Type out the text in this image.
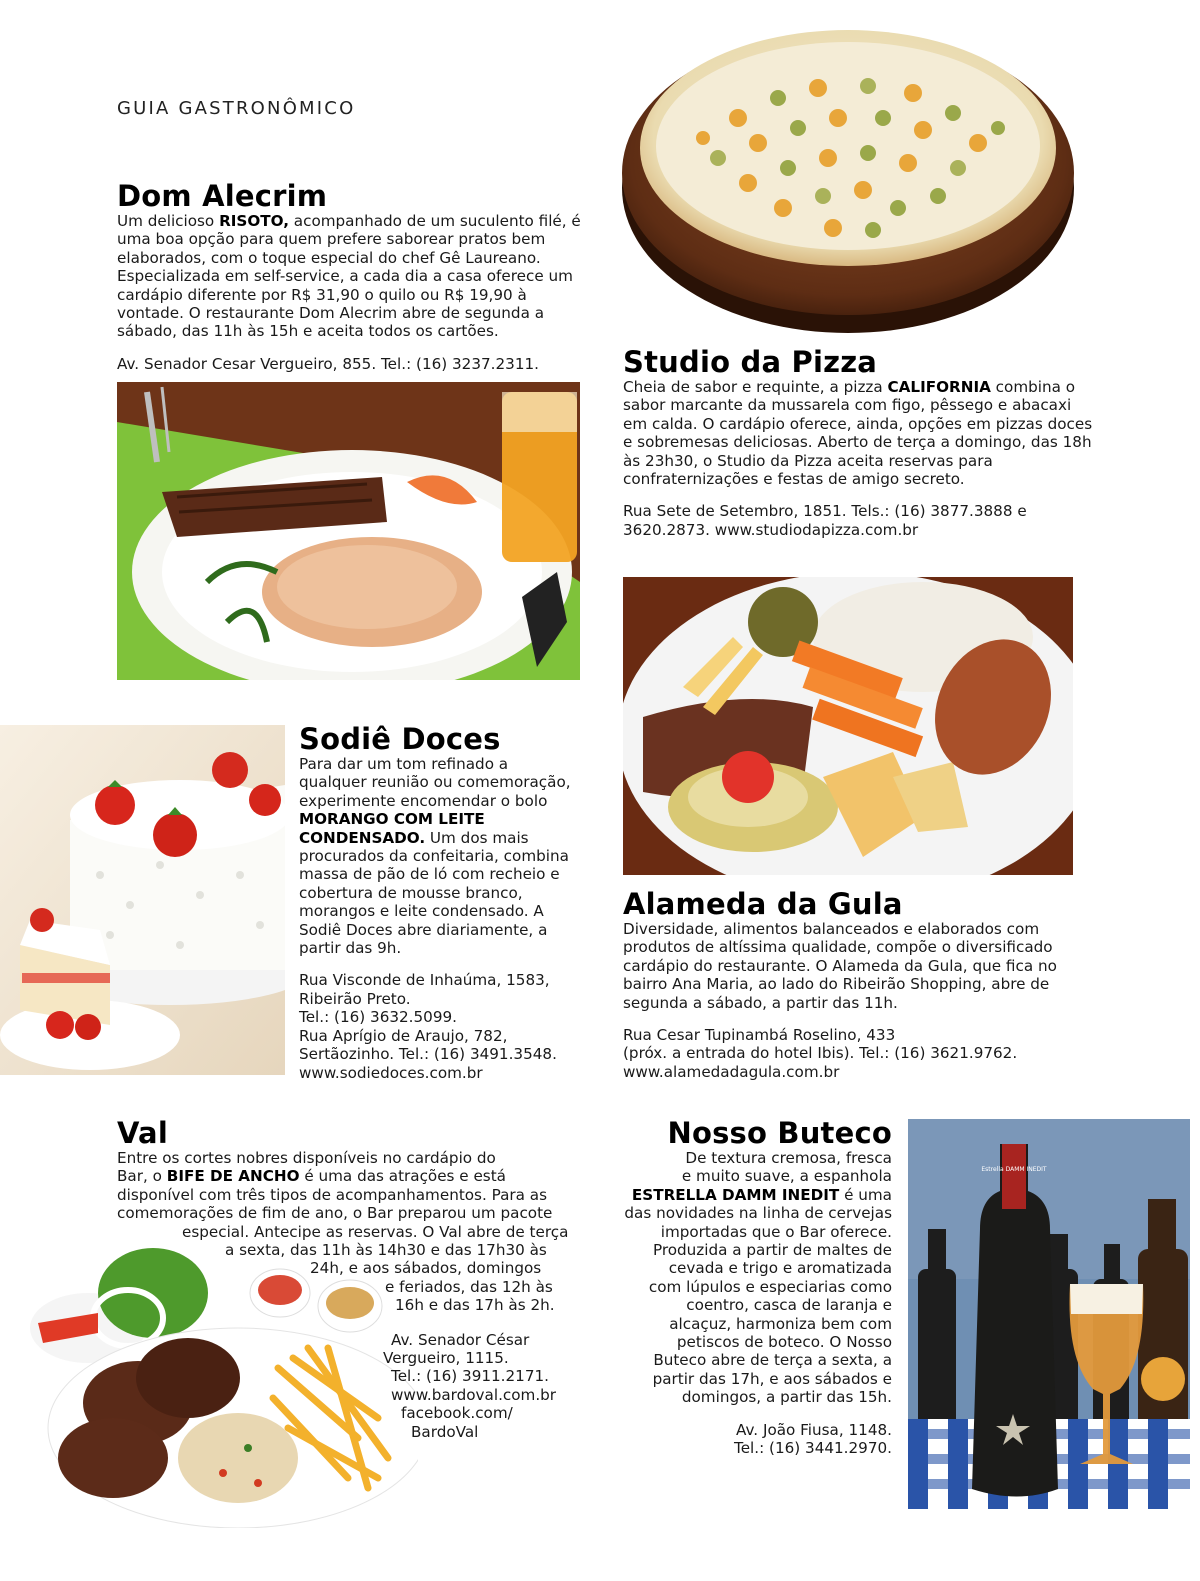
GUIA GASTRONÔMICO
Dom Alecrim
Um delicioso RISOTO, acompanhado de um suculento filé, é uma boa opção para quem prefere saborear pratos bem elaborados, com o toque especial do chef Gê Laureano. Especializada em self-service, a cada dia a casa oferece um cardápio diferente por R$ 31,90 o quilo ou R$ 19,90 à vontade. O restaurante Dom Alecrim abre de segunda a sábado, das 11h às 15h e aceita todos os cartões.
Av. Senador Cesar Vergueiro, 855. Tel.: (16) 3237.2311.	Studio da Pizza
Cheia de sabor e requinte, a pizza CALIFORNIA combina o sabor marcante da mussarela com figo, pêssego e abacaxi em calda. O cardápio oferece, ainda, opções em pizzas doces e sobremesas deliciosas. Aberto de terça a domingo, das 18h às 23h30, o Studio da Pizza aceita reservas para confraternizações e festas de amigo secreto.
Rua Sete de Setembro, 1851. Tels.: (16) 3877.3888 e 3620.2873. www.studiodapizza.com.br
Sodiê Doces
Para dar um tom refinado a qualquer reunião ou comemoração, experimente encomendar o bolo MORANGO COM LEITE CONDENSADO. Um dos mais procurados da confeitaria, combina massa de pão de ló com recheio e cobertura de mousse branco, morangos e leite condensado. A Sodiê Doces abre diariamente, a partir das 9h.

Rua Visconde de Inhaúma, 1583,

Ribeirão Preto.

Tel.: (16) 3632.5099.

Rua Aprígio de Araujo, 782,

Sertãozinho. Tel.: (16) 3491.3548.

www.sodiedoces.com.br

Alameda da Gula
Diversidade, alimentos balanceados e elaborados com produtos de altíssima qualidade, compõe o diversificado cardápio do restaurante. O Alameda da Gula, que fica no bairro Ana Maria, ao lado do Ribeirão Shopping, abre de segunda a sábado, a partir das 11h.

Rua Cesar Tupinambá Roselino, 433

(próx. a entrada do hotel Ibis). Tel.: (16) 3621.9762.

www.alamedadagula.com.br

Val

Entre os cortes nobres disponíveis no cardápio do

Bar, o BIFE DE ANCHO é uma das atrações e está

disponível com três tipos de acompanhamentos. Para as

comemorações de fim de ano, o Bar preparou um pacote

especial. Antecipe as reservas. O Val abre de terça

a sexta, das 11h às 14h30 e das 17h30 às

24h, e aos sábados, domingos

e feriados, das 12h às

16h e das 17h às 2h.

Av. Senador César

Vergueiro, 1115.

Tel.: (16) 3911.2171.

www.bardoval.com.br

facebook.com/

BardoVal

Nosso Buteco

De textura cremosa, fresca

e muito suave, a espanhola

ESTRELLA DAMM INEDIT é uma

das novidades na linha de cervejas

importadas que o Bar oferece.

Produzida a partir de maltes de

cevada e trigo e aromatizada

com lúpulos e especiarias como

coentro, casca de laranja e

alcaçuz, harmoniza bem com

petiscos de boteco. O Nosso

Buteco abre de terça a sexta, a

partir das 17h, e aos sábados e

domingos, a partir das 15h.

Av. João Fiusa, 1148.

Tel.: (16) 3441.2970.

Estrella DAMM INEDIT
